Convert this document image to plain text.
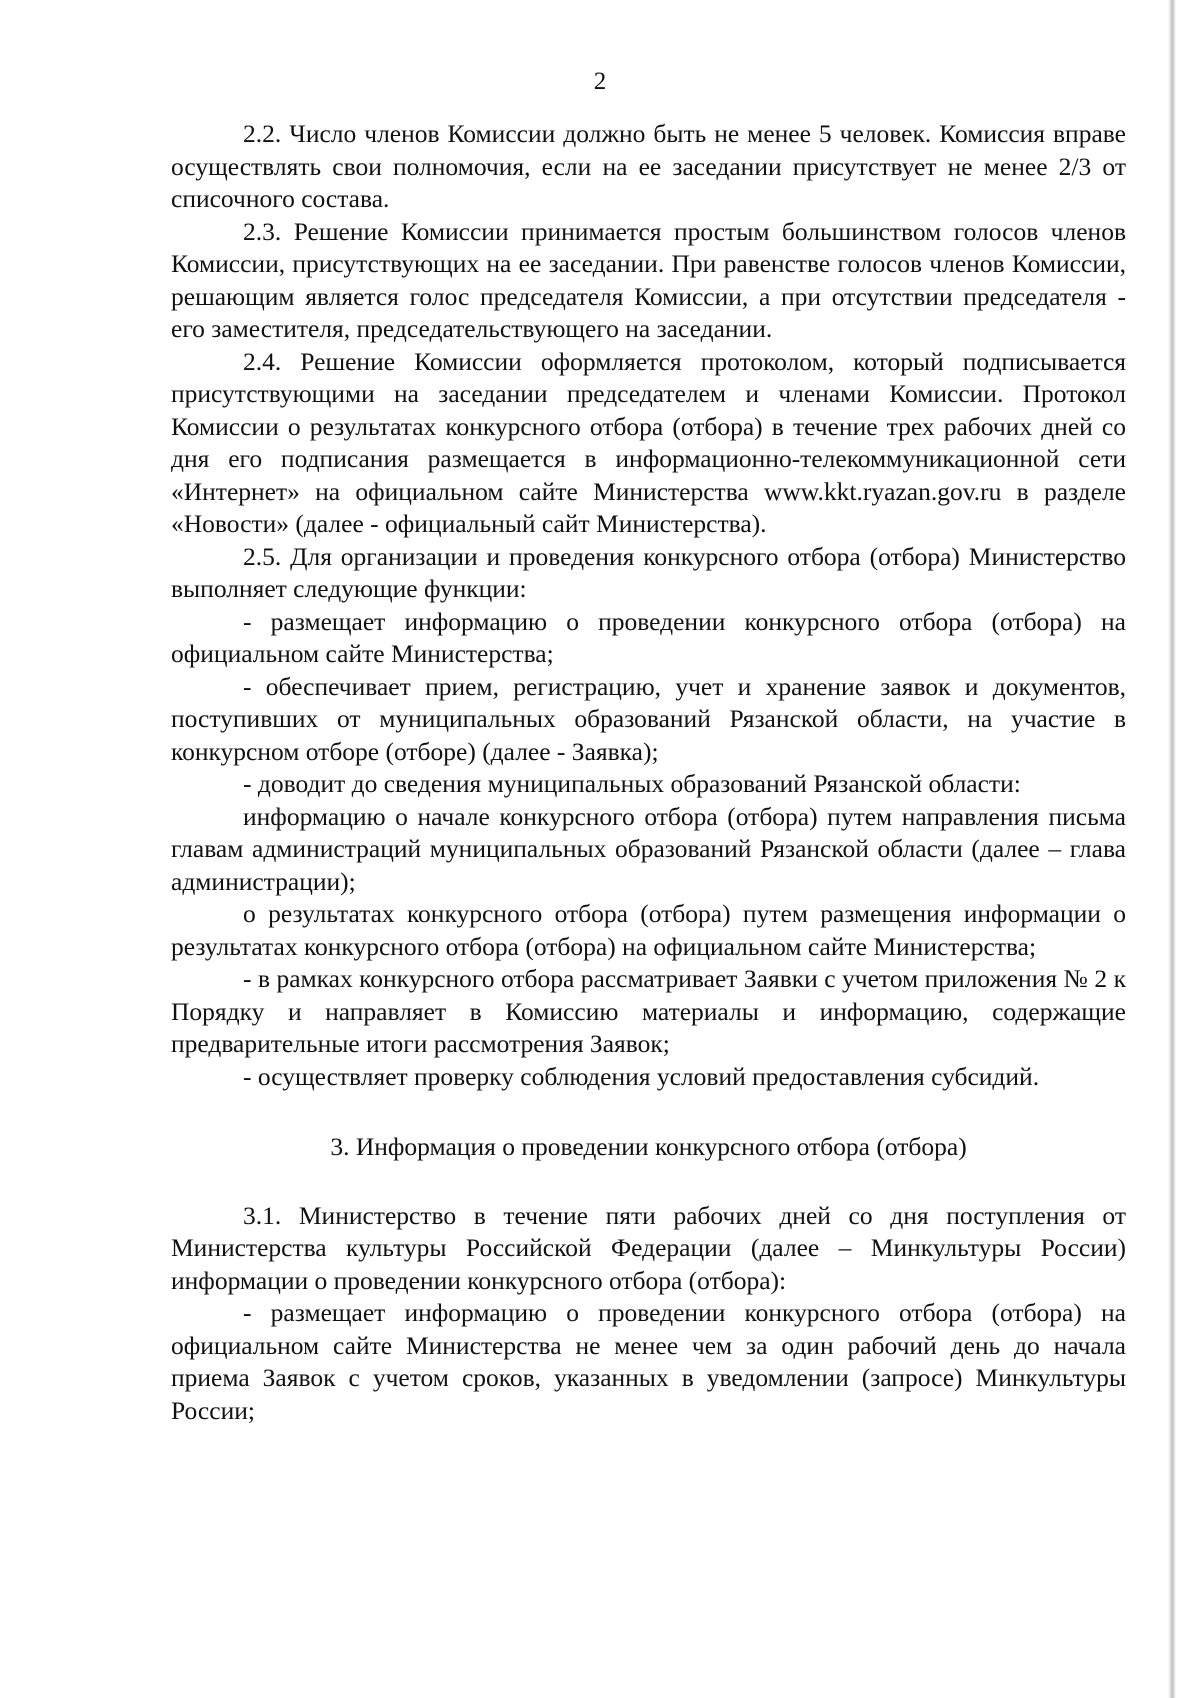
2

2.2. Число членов Комиссии должно быть не менее 5 человек. Комиссия вправе осуществлять свои полномочия, если на ее заседании присутствует не менее 2/3 от списочного состава.

2.3. Решение Комиссии принимается простым большинством голосов членов Комиссии, присутствующих на ее заседании. При равенстве голосов членов Комиссии, решающим является голос председателя Комиссии, а при отсутствии председателя - его заместителя, председательствующего на заседании.

2.4. Решение Комиссии оформляется протоколом, который подписывается присутствующими на заседании председателем и членами Комиссии. Протокол Комиссии о результатах конкурсного отбора (отбора) в течение трех рабочих дней со дня его подписания размещается в информационно-телекоммуникационной сети «Интернет» на официальном сайте Министерства www.kkt.ryazan.gov.ru в разделе «Новости» (далее - официальный сайт Министерства).

2.5. Для организации и проведения конкурсного отбора (отбора) Министерство выполняет следующие функции:

- размещает информацию о проведении конкурсного отбора (отбора) на официальном сайте Министерства;

- обеспечивает прием, регистрацию, учет и хранение заявок и документов, поступивших от муниципальных образований Рязанской области, на участие в конкурсном отборе (отборе) (далее - Заявка);

- доводит до сведения муниципальных образований Рязанской области:

информацию о начале конкурсного отбора (отбора) путем направления письма главам администраций муниципальных образований Рязанской области (далее – глава администрации);

о результатах конкурсного отбора (отбора) путем размещения информации о результатах конкурсного отбора (отбора) на официальном сайте Министерства;

- в рамках конкурсного отбора рассматривает Заявки с учетом приложения № 2 к Порядку и направляет в Комиссию материалы и информацию, содержащие предварительные итоги рассмотрения Заявок;

- осуществляет проверку соблюдения условий предоставления субсидий.

3. Информация о проведении конкурсного отбора (отбора)

3.1. Министерство в течение пяти рабочих дней со дня поступления от Министерства культуры Российской Федерации (далее – Минкультуры России) информации о проведении конкурсного отбора (отбора):

- размещает информацию о проведении конкурсного отбора (отбора) на официальном сайте Министерства не менее чем за один рабочий день до начала приема Заявок с учетом сроков, указанных в уведомлении (запросе) Минкультуры России;
